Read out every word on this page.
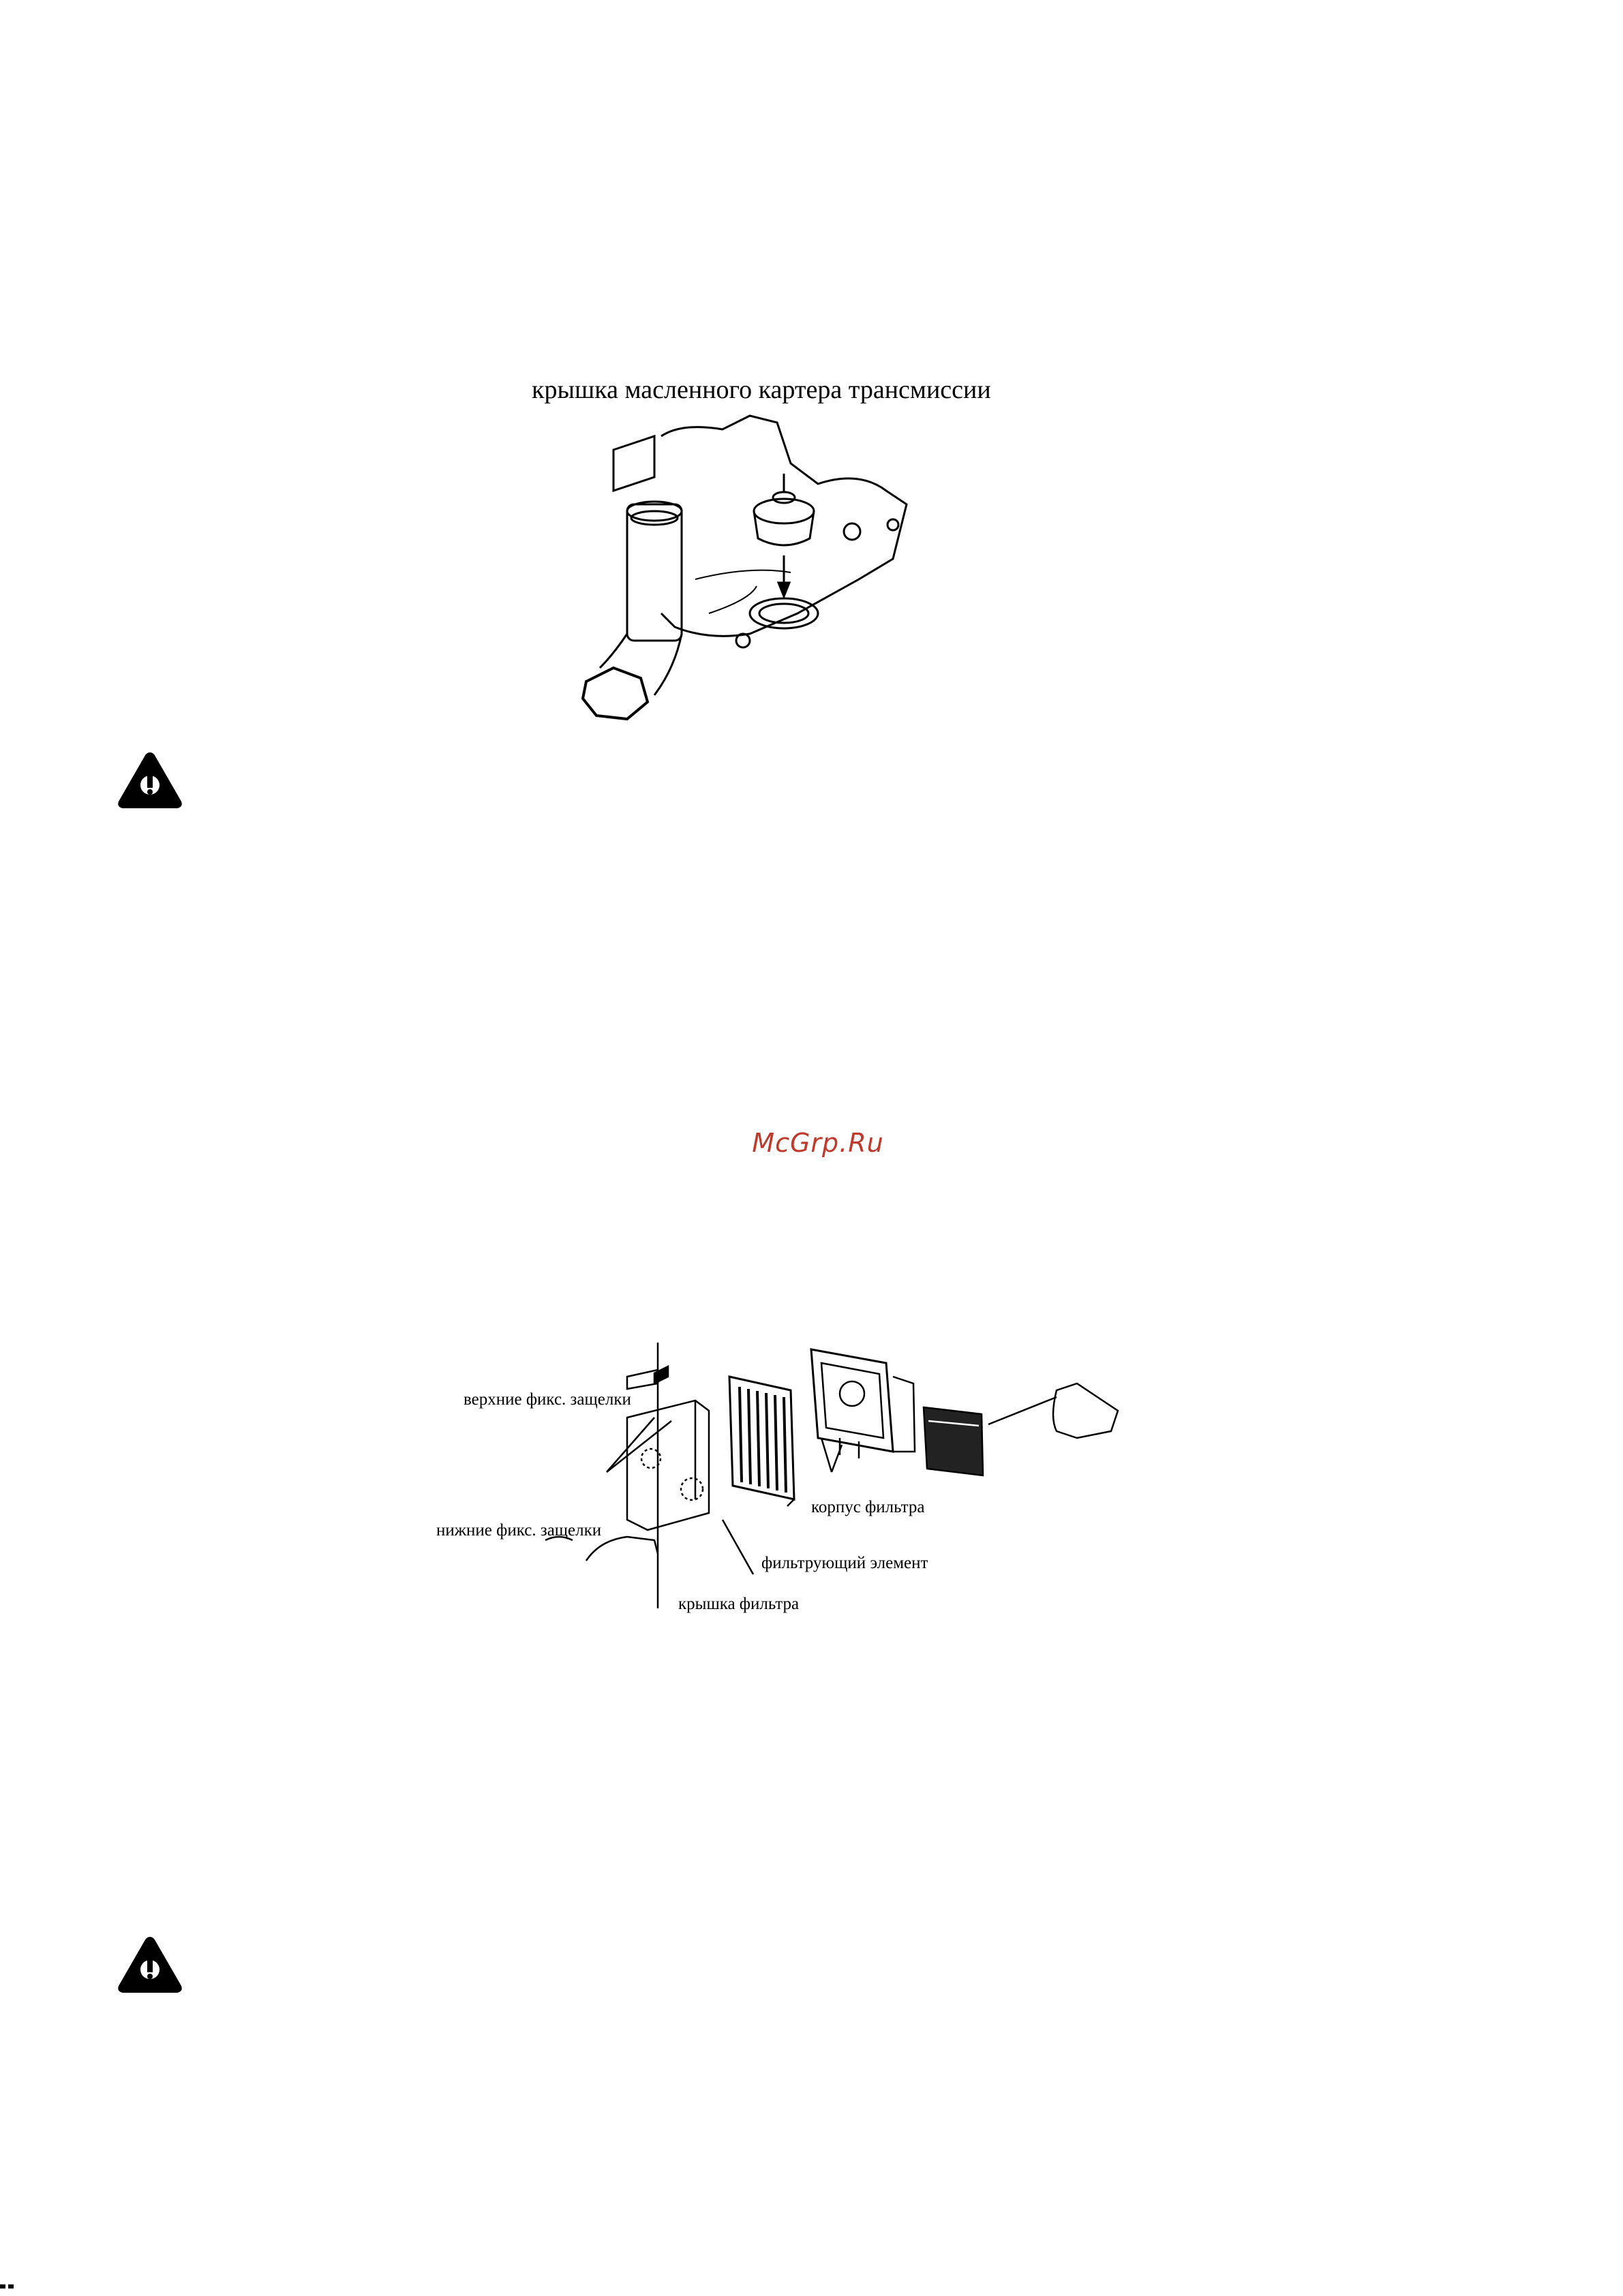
крышка масленного картера трансмиссии
McGrp.Ru
верхние фикс. защелки
нижние фикс. защелки
корпус фильтра
фильтрующий элемент
крышка фильтра
